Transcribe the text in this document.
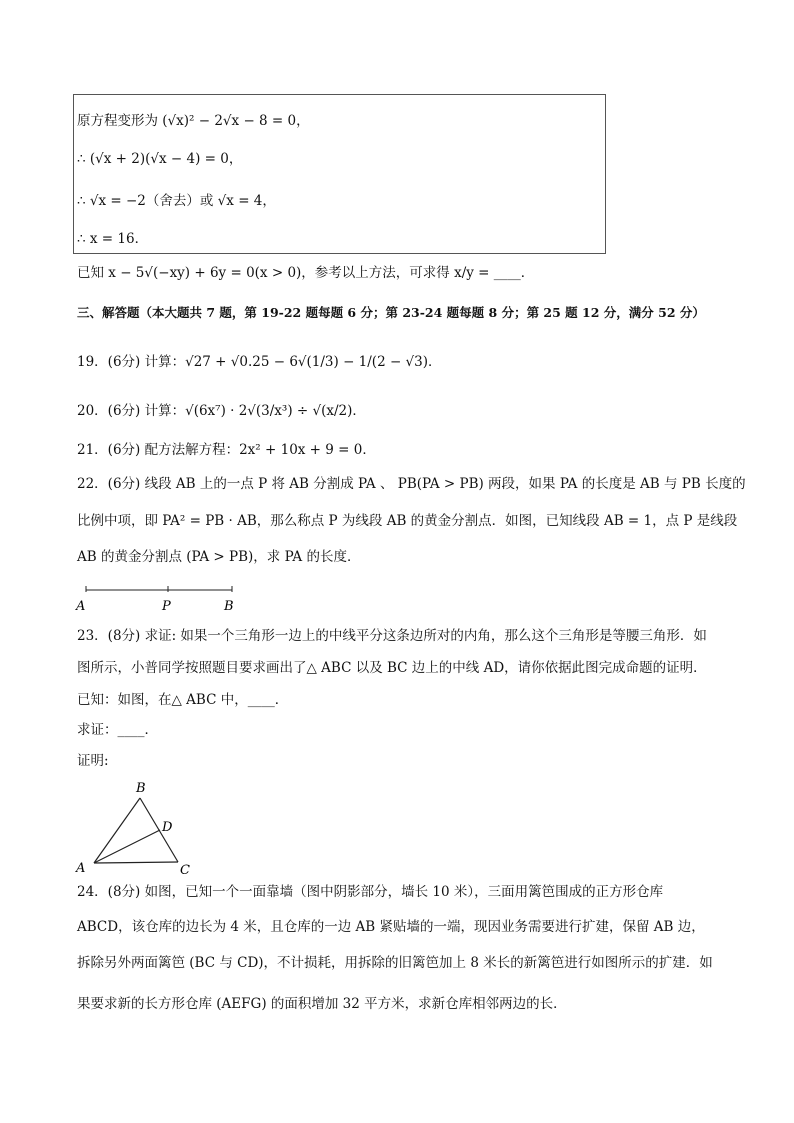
原方程变形为 (√x)² − 2√x − 8 = 0，
∴ (√x + 2)(√x − 4) = 0，
∴ √x = −2（舍去）或 √x = 4，
∴ x = 16．
已知 x − 5√(−xy) + 6y = 0(x > 0)，参考以上方法，可求得 x/y = ____．
三、解答题（本大题共 7 题，第 19-22 题每题 6 分；第 23-24 题每题 8 分；第 25 题 12 分，满分 52 分）
19．(6分) 计算：√27 + √0.25 − 6√(1/3) − 1/(2 − √3)．
20．(6分) 计算：√(6x⁷) · 2√(3/x³) ÷ √(x/2)．
21．(6分) 配方法解方程：2x² + 10x + 9 = 0．
22．(6分) 线段 AB 上的一点 P 将 AB 分割成 PA 、 PB(PA > PB) 两段，如果 PA 的长度是 AB 与 PB 长度的
比例中项，即 PA² = PB · AB，那么称点 P 为线段 AB 的黄金分割点．如图，已知线段 AB = 1，点 P 是线段
AB 的黄金分割点 (PA > PB)，求 PA 的长度．
A	P	B
23．(8分) 求证: 如果一个三角形一边上的中线平分这条边所对的内角，那么这个三角形是等腰三角形．如
图所示，小普同学按照题目要求画出了△ ABC 以及 BC 边上的中线 AD，请你依据此图完成命题的证明．
已知：如图，在△ ABC 中，____．
求证：____．
证明:
B
D
A	C
24．(8分) 如图，已知一个一面靠墙（图中阴影部分，墙长 10 米），三面用篱笆围成的正方形仓库
ABCD，该仓库的边长为 4 米，且仓库的一边 AB 紧贴墙的一端，现因业务需要进行扩建，保留 AB 边，
拆除另外两面篱笆 (BC 与 CD)，不计损耗，用拆除的旧篱笆加上 8 米长的新篱笆进行如图所示的扩建．如
果要求新的长方形仓库 (AEFG) 的面积增加 32 平方米，求新仓库相邻两边的长．
